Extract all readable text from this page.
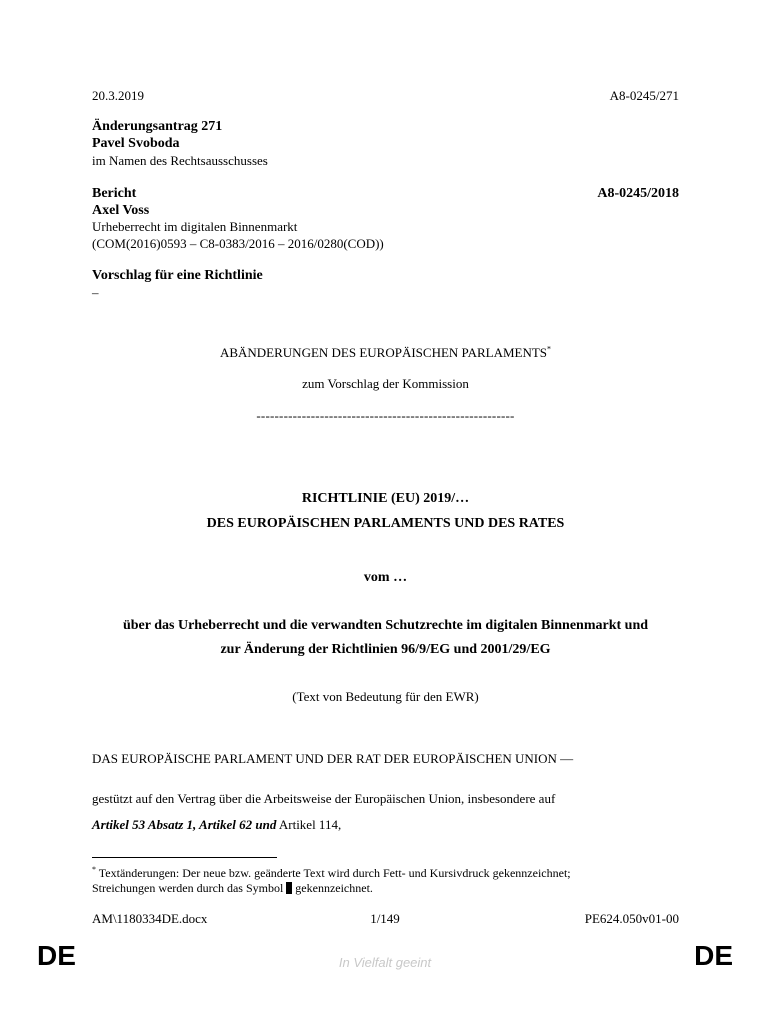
20.3.2019	A8-0245/271
Änderungsantrag 271
Pavel Svoboda
im Namen des Rechtsausschusses
Bericht	A8-0245/2018
Axel Voss
Urheberrecht im digitalen Binnenmarkt
(COM(2016)0593 – C8-0383/2016 – 2016/0280(COD))
Vorschlag für eine Richtlinie
–
ABÄNDERUNGEN DES EUROPÄISCHEN PARLAMENTS*
zum Vorschlag der Kommission
---------------------------------------------------------
RICHTLINIE (EU) 2019/…
DES EUROPÄISCHEN PARLAMENTS UND DES RATES
vom …
über das Urheberrecht und die verwandten Schutzrechte im digitalen Binnenmarkt und
zur Änderung der Richtlinien 96/9/EG und 2001/29/EG
(Text von Bedeutung für den EWR)
DAS EUROPÄISCHE PARLAMENT UND DER RAT DER EUROPÄISCHEN UNION —
gestützt auf den Vertrag über die Arbeitsweise der Europäischen Union, insbesondere auf
Artikel 53 Absatz 1, Artikel 62 und Artikel 114,
* Textänderungen: Der neue bzw. geänderte Text wird durch Fett- und Kursivdruck gekennzeichnet;
Streichungen werden durch das Symbol gekennzeichnet.
AM\1180334DE.docx	1/149	PE624.050v01-00
DE	In Vielfalt geeint	DE
